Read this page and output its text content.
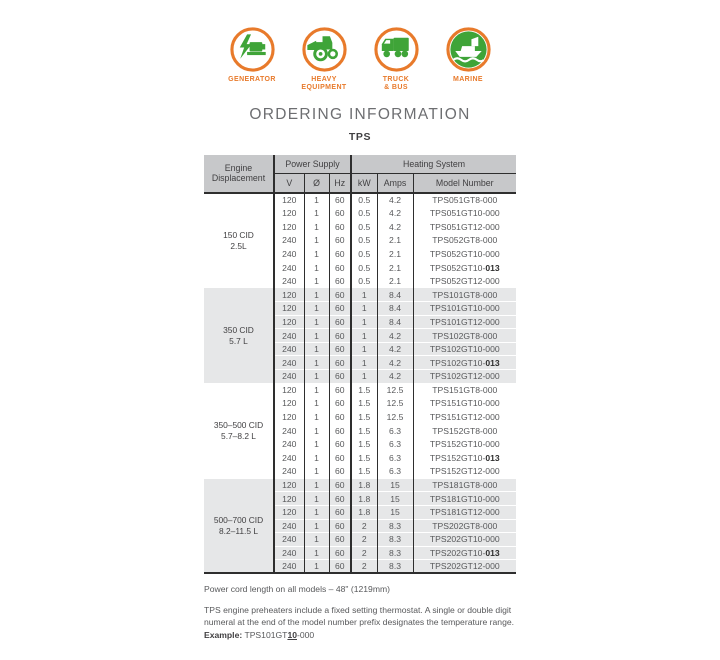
GENERATOR	HEAVY
EQUIPMENT
TRUCK
& BUS
MARINE
ORDERING INFORMATION
TPS
Engine
Displacement	Power Supply			Heating System		
	V	Ø	Hz	kW	Amps	Model Number

150 CID
2.5L	120	1	60	0.5	4.2	TPS051GT8-000
	120	1	60	0.5	4.2	TPS051GT10-000
	120	1	60	0.5	4.2	TPS051GT12-000
	240	1	60	0.5	2.1	TPS052GT8-000
	240	1	60	0.5	2.1	TPS052GT10-000
	240	1	60	0.5	2.1	TPS052GT10-013
	240	1	60	0.5	2.1	TPS052GT12-000

350 CID
5.7 L	120	1	60	1	8.4	TPS101GT8-000
	120	1	60	1	8.4	TPS101GT10-000
	120	1	60	1	8.4	TPS101GT12-000
	240	1	60	1	4.2	TPS102GT8-000
	240	1	60	1	4.2	TPS102GT10-000
	240	1	60	1	4.2	TPS102GT10-013
	240	1	60	1	4.2	TPS102GT12-000

350–500 CID
5.7–8.2 L	120	1	60	1.5	12.5	TPS151GT8-000
	120	1	60	1.5	12.5	TPS151GT10-000
	120	1	60	1.5	12.5	TPS151GT12-000
	240	1	60	1.5	6.3	TPS152GT8-000
	240	1	60	1.5	6.3	TPS152GT10-000
	240	1	60	1.5	6.3	TPS152GT10-013
	240	1	60	1.5	6.3	TPS152GT12-000

500–700 CID
8.2–11.5 L	120	1	60	1.8	15	TPS181GT8-000
	120	1	60	1.8	15	TPS181GT10-000
	120	1	60	1.8	15	TPS181GT12-000
	240	1	60	2	8.3	TPS202GT8-000
	240	1	60	2	8.3	TPS202GT10-000
	240	1	60	2	8.3	TPS202GT10-013
	240	1	60	2	8.3	TPS202GT12-000
Power cord length on all models – 48" (1219mm)
TPS engine preheaters include a fixed setting thermostat. A single or double digit
numeral at the end of the model number prefix designates the temperature range.
Example: TPS101GT10-000
